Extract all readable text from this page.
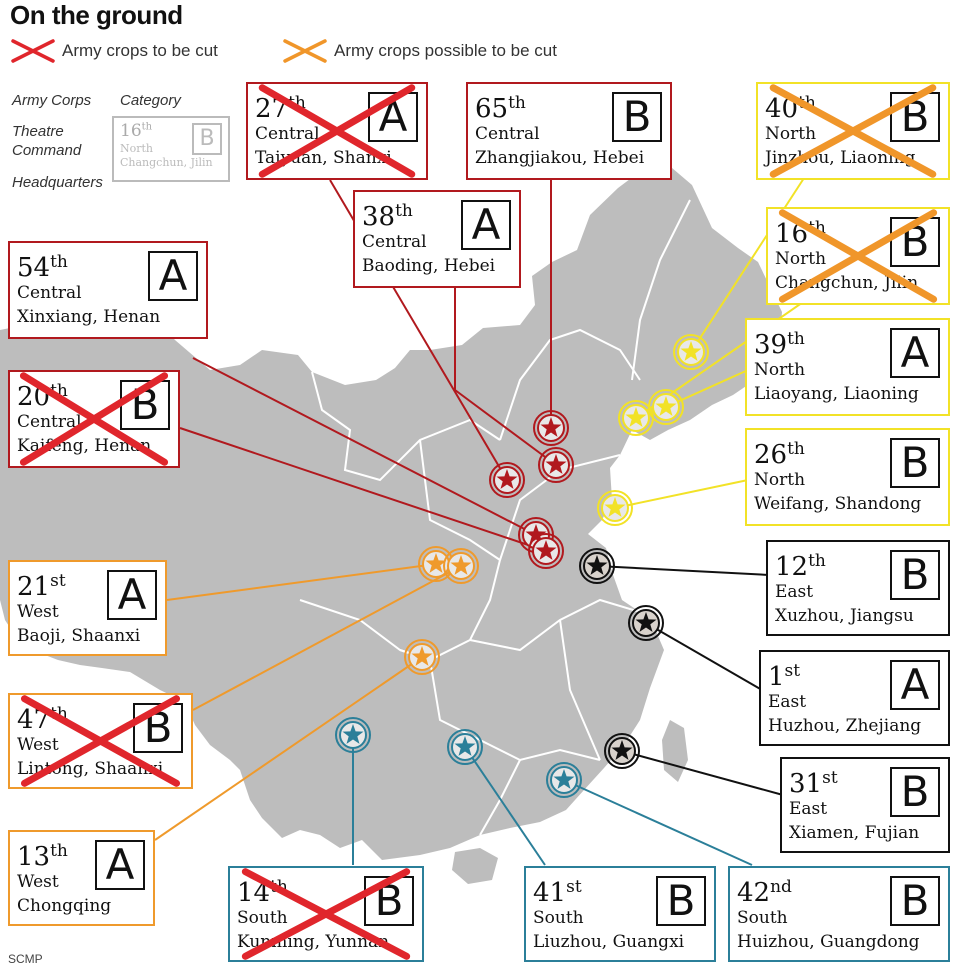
On the ground
Army crops to be cut	Army crops possible to be cut
Army Corps Category
Theatre
Command
Headquarters
16th
North
Changchun, Jilin
B
27th
Central
Taiyuan, Shanxi
A	65th
Central
Zhangjiakou, Hebei
B
38th
Central
Baoding, Hebei
A
54th
Central
Xinxiang, Henan
A
20th
Central
Kaifeng, Henan
B
40th
North
Jinzhou, Liaoning
B
16th
North
Changchun, Jilin
B
39th
North
Liaoyang, Liaoning
A
26th
North
Weifang, Shandong
B
12th
East
Xuzhou, Jiangsu
B
1st
East
Huzhou, Zhejiang
A
31st
East
Xiamen, Fujian
B
21st
West
Baoji, Shaanxi
A
47th
West
Lintong, Shaanxi
B
13th
West
Chongqing
A
14th
South
Kunming, Yunnan
B	41st
South
Liuzhou, Guangxi
B	42nd
South
Huizhou, Guangdong
B
SCMP
